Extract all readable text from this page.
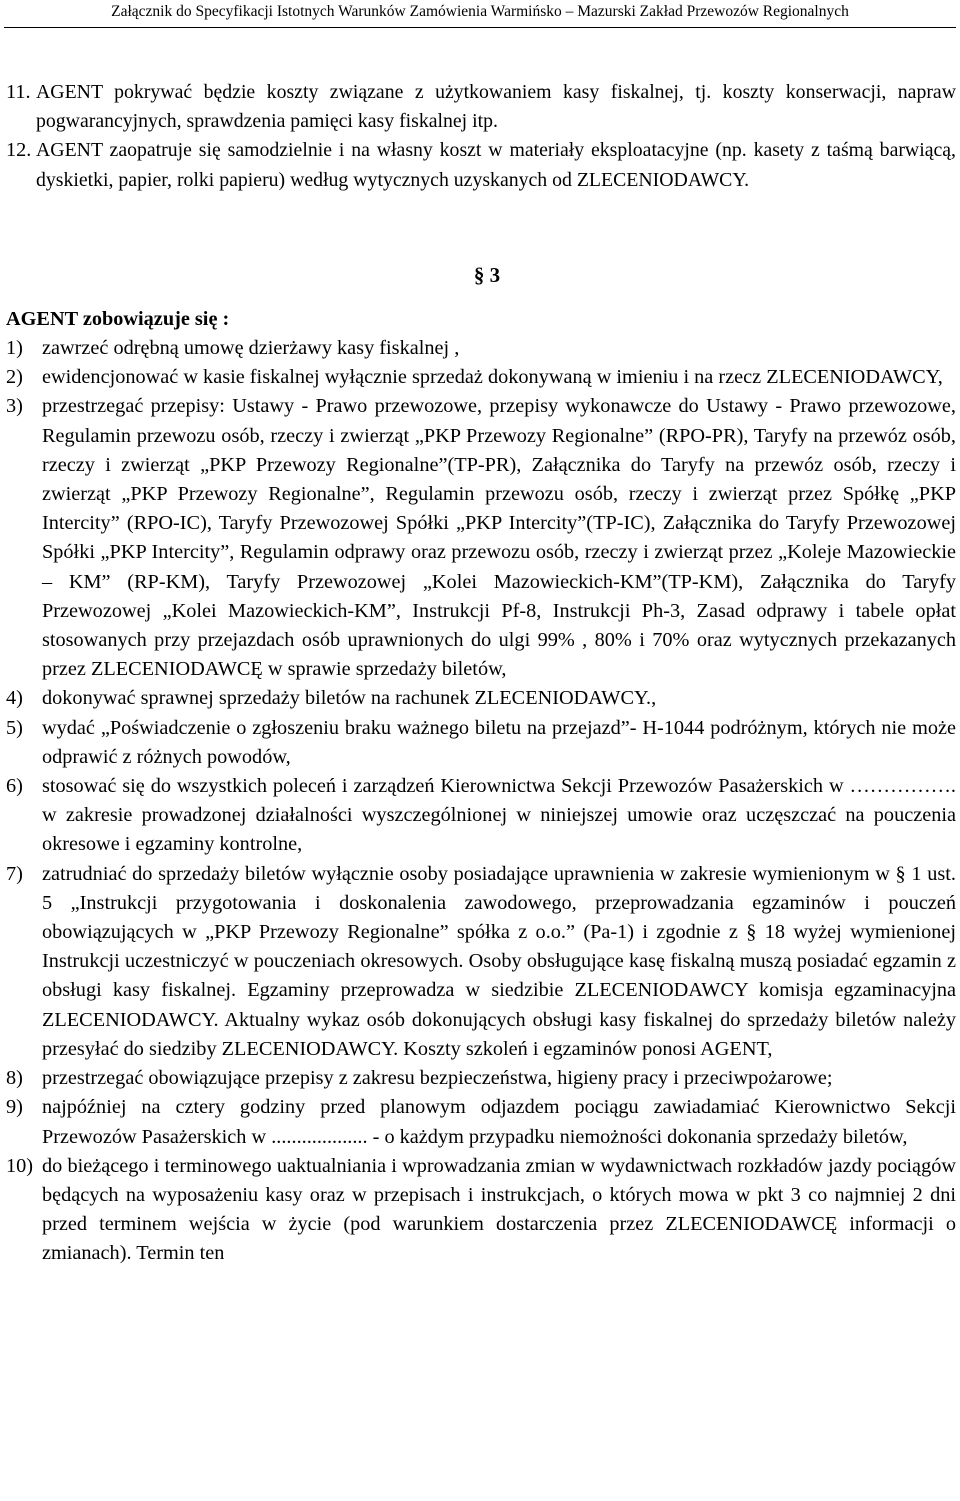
Załącznik do Specyfikacji Istotnych Warunków Zamówienia Warmińsko – Mazurski Zakład Przewozów Regionalnych
11. AGENT pokrywać będzie koszty związane z użytkowaniem kasy fiskalnej, tj. koszty konserwacji, napraw pogwarancyjnych, sprawdzenia pamięci kasy fiskalnej itp.
12. AGENT zaopatruje się samodzielnie i na własny koszt w materiały eksploatacyjne (np. kasety z taśmą barwiącą, dyskietki, papier, rolki papieru) według wytycznych uzyskanych od ZLECENIODAWCY.
§ 3
AGENT zobowiązuje się :
1) zawrzeć odrębną umowę dzierżawy kasy fiskalnej ,
2) ewidencjonować w kasie fiskalnej wyłącznie sprzedaż dokonywaną w imieniu i na rzecz ZLECENIODAWCY,
3) przestrzegać przepisy: Ustawy - Prawo przewozowe, przepisy wykonawcze do Ustawy - Prawo przewozowe, Regulamin przewozu osób, rzeczy i zwierząt „PKP Przewozy Regionalne” (RPO-PR), Taryfy na przewóz osób, rzeczy i zwierząt „PKP Przewozy Regionalne”(TP-PR), Załącznika do Taryfy na przewóz osób, rzeczy i zwierząt „PKP Przewozy Regionalne”, Regulamin przewozu osób, rzeczy i zwierząt przez Spółkę „PKP Intercity” (RPO-IC), Taryfy Przewozowej Spółki „PKP Intercity”(TP-IC), Załącznika do Taryfy Przewozowej Spółki „PKP Intercity”, Regulamin odprawy oraz przewozu osób, rzeczy i zwierząt przez „Koleje Mazowieckie – KM” (RP-KM), Taryfy Przewozowej „Kolei Mazowieckich-KM”(TP-KM), Załącznika do Taryfy Przewozowej „Kolei Mazowieckich-KM”, Instrukcji Pf-8, Instrukcji Ph-3, Zasad odprawy i tabele opłat stosowanych przy przejazdach osób uprawnionych do ulgi 99% , 80% i 70% oraz wytycznych przekazanych przez ZLECENIODAWCĘ w sprawie sprzedaży biletów,
4) dokonywać sprawnej sprzedaży biletów na rachunek ZLECENIODAWCY.,
5) wydać „Poświadczenie o zgłoszeniu braku ważnego biletu na przejazd”- H-1044 podróżnym, których nie może odprawić z różnych powodów,
6) stosować się do wszystkich poleceń i zarządzeń Kierownictwa Sekcji Przewozów Pasażerskich w ……………. w zakresie prowadzonej działalności wyszczególnionej w niniejszej umowie oraz uczęszczać na pouczenia okresowe i egzaminy kontrolne,
7) zatrudniać do sprzedaży biletów wyłącznie osoby posiadające uprawnienia w zakresie wymienionym w § 1 ust. 5 „Instrukcji przygotowania i doskonalenia zawodowego, przeprowadzania egzaminów i pouczeń obowiązujących w „PKP Przewozy Regionalne” spółka z o.o.” (Pa-1) i zgodnie z § 18 wyżej wymienionej Instrukcji uczestniczyć w pouczeniach okresowych. Osoby obsługujące kasę fiskalną muszą posiadać egzamin z obsługi kasy fiskalnej. Egzaminy przeprowadza w siedzibie ZLECENIODAWCY komisja egzaminacyjna ZLECENIODAWCY. Aktualny wykaz osób dokonujących obsługi kasy fiskalnej do sprzedaży biletów należy przesyłać do siedziby ZLECENIODAWCY. Koszty szkoleń i egzaminów ponosi AGENT,
8) przestrzegać obowiązujące przepisy z zakresu bezpieczeństwa, higieny pracy i przeciwpożarowe;
9) najpóźniej na cztery godziny przed planowym odjazdem pociągu zawiadamiać Kierownictwo Sekcji Przewozów Pasażerskich w ................... - o każdym przypadku niemożności dokonania sprzedaży biletów,
10) do bieżącego i terminowego uaktualniania i wprowadzania zmian w wydawnictwach rozkładów jazdy pociągów będących na wyposażeniu kasy oraz w przepisach i instrukcjach, o których mowa w pkt 3 co najmniej 2 dni przed terminem wejścia w życie (pod warunkiem dostarczenia przez ZLECENIODAWCĘ informacji o zmianach). Termin ten
